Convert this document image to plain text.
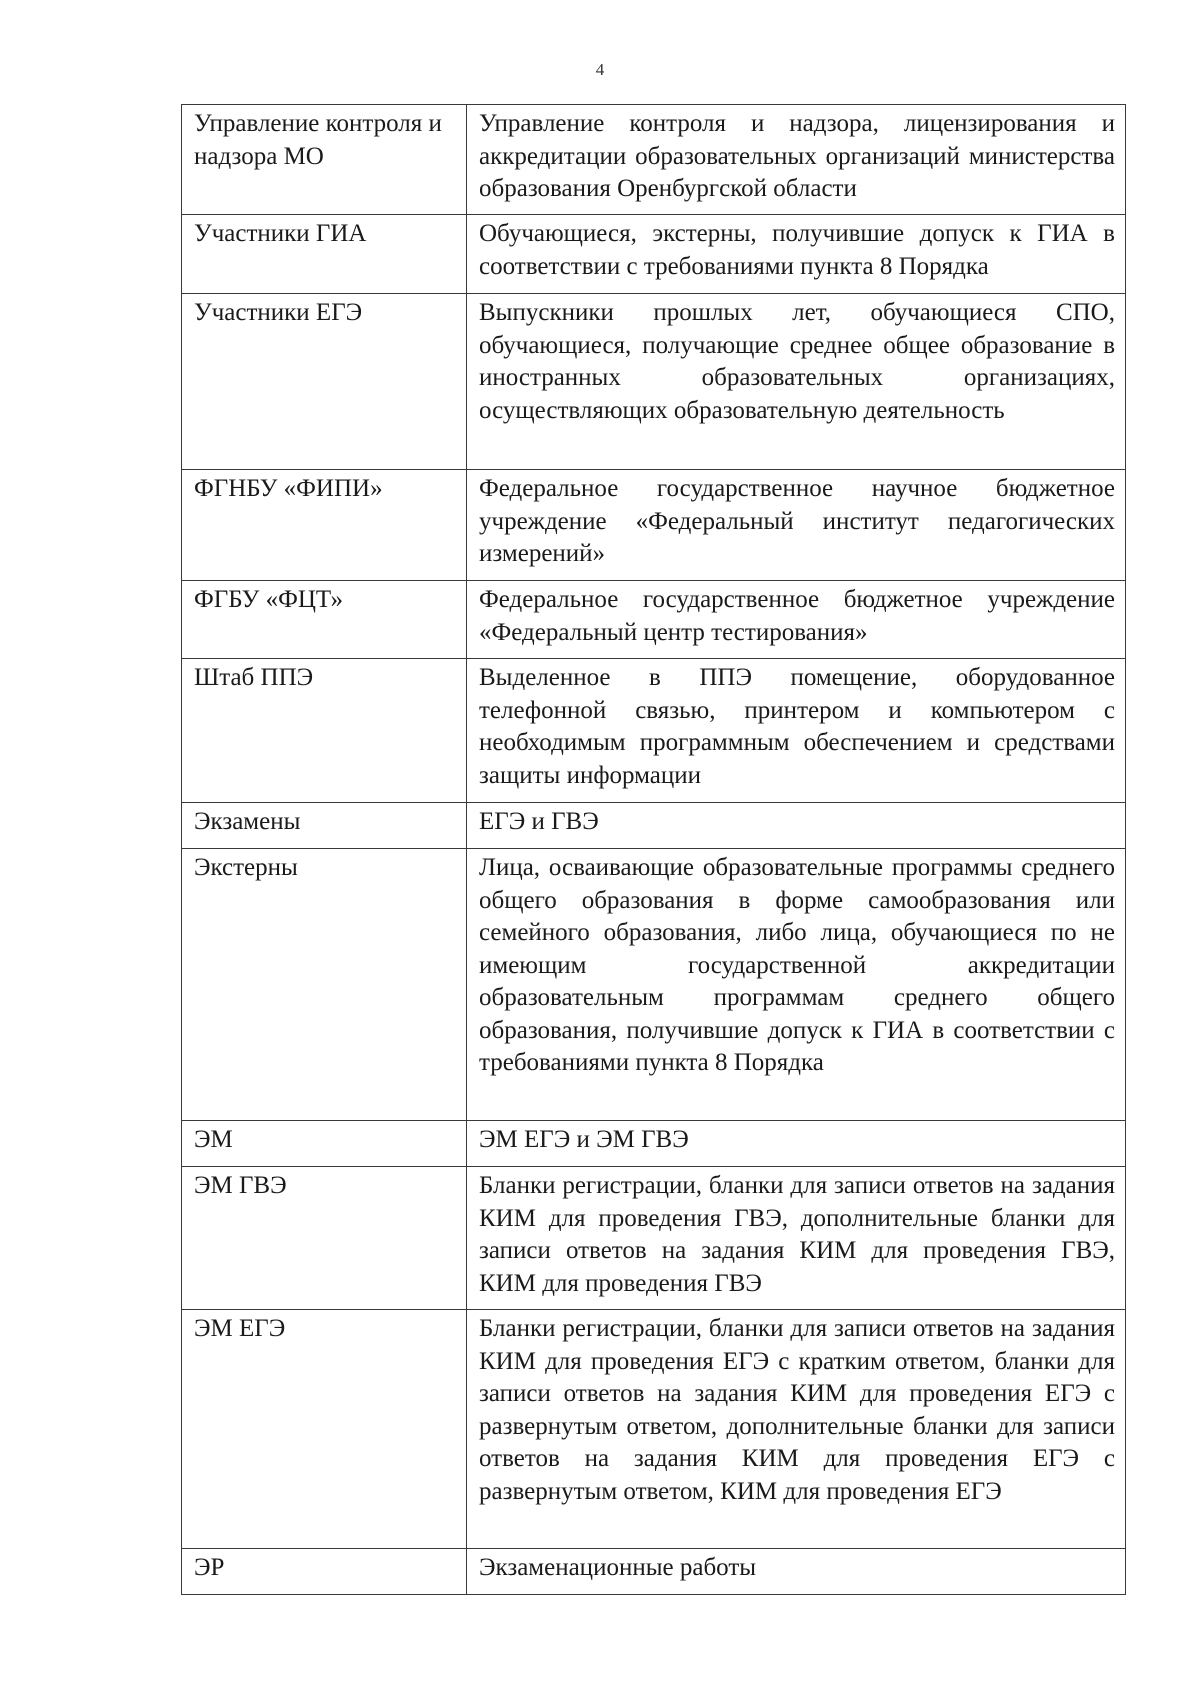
4
Управление контроля и надзора МО	Управление контроля и надзора, лицензирования и аккредитации образовательных организаций министерства образования Оренбургской области
Участники ГИА	Обучающиеся, экстерны, получившие допуск к ГИА в соответствии с требованиями пункта 8 Порядка
Участники ЕГЭ	Выпускники прошлых лет, обучающиеся СПО, обучающиеся, получающие среднее общее образование в иностранных образовательных организациях, осуществляющих образовательную деятельность
ФГНБУ «ФИПИ»	Федеральное государственное научное бюджетное учреждение «Федеральный институт педагогических измерений»
ФГБУ «ФЦТ»	Федеральное государственное бюджетное учреждение «Федеральный центр тестирования»
Штаб ППЭ	Выделенное в ППЭ помещение, оборудованное телефонной связью, принтером и компьютером с необходимым программным обеспечением и средствами защиты информации
Экзамены	ЕГЭ и ГВЭ
Экстерны	Лица, осваивающие образовательные программы среднего общего образования в форме самообразования или семейного образования, либо лица, обучающиеся по не имеющим государственной аккредитации образовательным программам среднего общего образования, получившие допуск к ГИА в соответствии с требованиями пункта 8 Порядка
ЭМ	ЭМ ЕГЭ и ЭМ ГВЭ
ЭМ ГВЭ	Бланки регистрации, бланки для записи ответов на задания КИМ для проведения ГВЭ, дополнительные бланки для записи ответов на задания КИМ для проведения ГВЭ, КИМ для проведения ГВЭ
ЭМ ЕГЭ	Бланки регистрации, бланки для записи ответов на задания КИМ для проведения ЕГЭ с кратким ответом, бланки для записи ответов на задания КИМ для проведения ЕГЭ с развернутым ответом, дополнительные бланки для записи ответов на задания КИМ для проведения ЕГЭ с развернутым ответом, КИМ для проведения ЕГЭ
ЭР	Экзаменационные работы
